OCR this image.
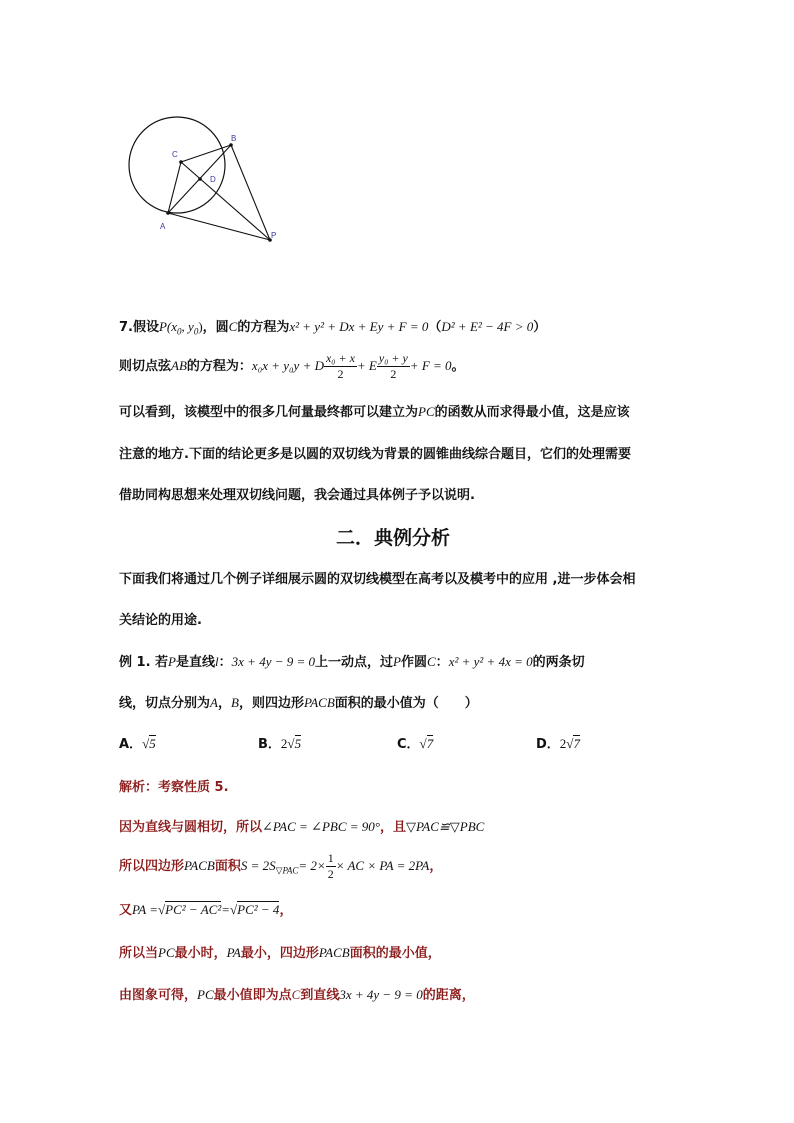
B
C
D
A
P
7.假设$P(x_0$, $y_0$)，圆C的方程为x² + y² + Dx + Ey + F = 0（D² + E² − 4F > 0）
则切点弦AB的方程为：x₀x + y₀y + D $\frac{\text{x₀ + x}}{2} + E \frac{\text{y₀ + y}}{2} + F = 0$。
可以看到，该模型中的很多几何量最终都可以建立为PC的函数从而求得最小值，这是应该
注意的地方.下面的结论更多是以圆的双切线为背景的圆锥曲线综合题目，它们的处理需要
借助同构思想来处理双切线问题，我会通过具体例子予以说明.
二．典例分析
下面我们将通过几个例子详细展示圆的双切线模型在高考以及模考中的应用 ,进一步体会相
关结论的用途.
例 1. 若P是直线l：3x + 4y − 9 = 0上一动点，过P作圆C：x² + y² + 4x = 0的两条切
线，切点分别为A，B，则四边形PACB面积的最小值为（　　）
A．√5	B．2√5	C．√7	D．2√7
解析：考察性质 5.
因为直线与圆相切，所以∠PAC = ∠PBC = 90°，且▽PAC≌▽PBC
所以四边形PACB面积$S = 2S_{▽PAC}= 2\times \frac{1}{2}$ × AC × PA = 2PA，
又PA =√PC² − AC²=√PC² − 4，
所以当PC最小时，PA最小，四边形PACB面积的最小值，
由图象可得，PC最小值即为点C到直线3x + 4y − 9 = 0的距离，
